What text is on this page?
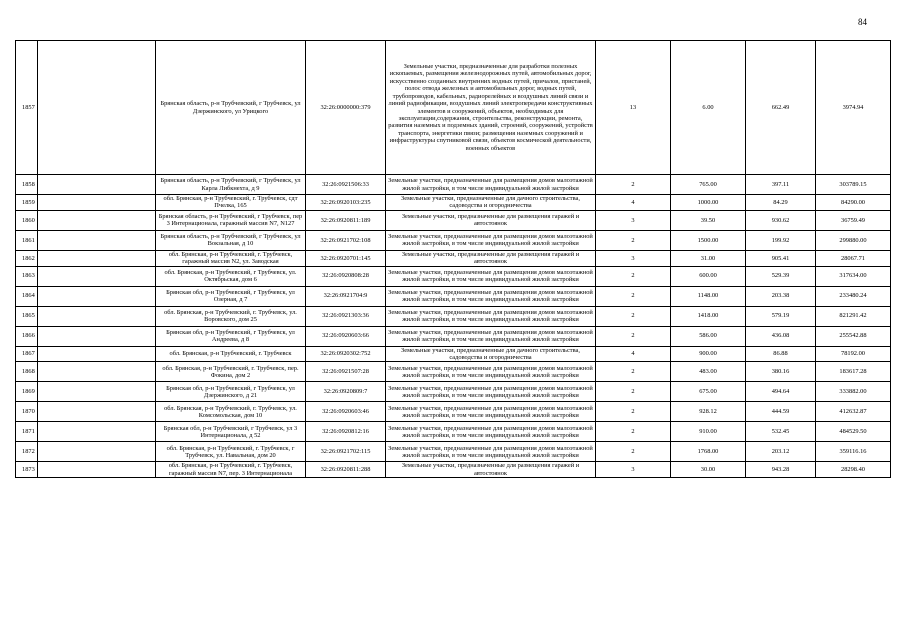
84
1857		Брянская область, р-н Трубчевский, г Трубчевск, ул Дзержинского, ул Урицкого	32:26:0000000:379	Земельные участки, предназначенные для разработки полезных ископаемых, размещения железнодорожных путей, автомобильных дорог, искусственно созданных внутренних водных путей, причалов, пристаней, полос отвода железных и автомобильных дорог, водных путей, трубопроводов, кабельных, радиорелейных и воздушных линий связи и линий радиофикации, воздушных линий электропередачи конструктивных элементов и сооружений, объектов, необходимых для эксплуатации,содержания, строительства, реконструкции, ремонта, развития наземных и подземных зданий, строений, сооружений, устройств транспорта, энергетики пвязи; размещения наземных сооружений и инфраструктуры спутниковой связи, объектов космической деятельности, военных объектов	13	6.00	662.49	3974.94
1858		Брянская область, р-н Трубчевский, г Трубчевск, ул Карла Либкнехта, д 9	32:26:0921506:33	Земельные участки, предназначенные для размещения домов малоэтажной жилой застройки, в том числе индивидуальной жилой застройки	2	765.00	397.11	303789.15
1859		обл. Брянская, р-н Трубчевский, г. Трубчевск, сдт Пчелка, 165	32:26:0920103:235	Земельные участки, предназначенные для дачного строительства, садоводства и огородничества	4	1000.00	84.29	84290.00
1860		Брянская область, р-н Трубчевский, г Трубчевск, пер 3 Интернационала, гаражный массив N7, N127	32:26:0920811:189	Земельные участки, предназначенные для размещения гаражей и автостоянок	3	39.50	930.62	36759.49
1861		Брянская область, р-н Трубчевский, г Трубчевск, ул Вокзальная, д 10	32:26:0921702:108	Земельные участки, предназначенные для размещения домов малоэтажной жилой застройки, в том числе индивидуальной жилой застройки	2	1500.00	199.92	299880.00
1862		обл. Брянская, р-н Трубчевский, г. Трубчевск, гаражный массив N2, ул. Заводская	32:26:0920701:145	Земельные участки, предназначенные для размещения гаражей и автостоянок	3	31.00	905.41	28067.71
1863		обл. Брянская, р-н Трубчевский, г Трубчевск, ул. Октябрьская, дом 6	32:26:0920808:28	Земельные участки, предназначенные для размещения домов малоэтажной жилой застройки, в том числе индивидуальной жилой застройки	2	600.00	529.39	317634.00
1864		Брянская обл, р-н Трубчевский, г Трубчевск, ул Озерная, д 7	32:26:0921704:9	Земельные участки, предназначенные для размещения домов малоэтажной жилой застройки, в том числе индивидуальной жилой застройки	2	1148.00	203.38	233480.24
1865		обл. Брянская, р-н Трубчевский, г. Трубчевск, ул. Воровского, дом 25	32:26:0921303:36	Земельные участки, предназначенные для размещения домов малоэтажной жилой застройки, в том числе индивидуальной жилой застройки	2	1418.00	579.19	821291.42
1866		Брянская обл, р-н Трубчевский, г Трубчевск, ул Андреева, д 8	32:26:0920603:66	Земельные участки, предназначенные для размещения домов малоэтажной жилой застройки, в том числе индивидуальной жилой застройки	2	586.00	436.08	255542.88
1867		обл. Брянская, р-н Трубчевский, г. Трубчевск	32:26:0920302:752	Земельные участки, предназначенные для дачного строительства, садоводства и огородничества	4	900.00	86.88	78192.00
1868		обл. Брянская, р-н Трубчевский, г. Трубчевск, пер. Фокина, дом 2	32:26:0921507:28	Земельные участки, предназначенные для размещения домов малоэтажной жилой застройки, в том числе индивидуальной жилой застройки	2	483.00	380.16	183617.28
1869		Брянская обл, р-н Трубчевский, г Трубчевск, ул Дзержинского, д 21	32:26:0920809:7	Земельные участки, предназначенные для размещения домов малоэтажной жилой застройки, в том числе индивидуальной жилой застройки	2	675.00	494.64	333882.00
1870		обл. Брянская, р-н Трубчевский, г. Трубчевск, ул. Комсомольская, дом 10	32:26:0920603:46	Земельные участки, предназначенные для размещения домов малоэтажной жилой застройки, в том числе индивидуальной жилой застройки	2	928.12	444.59	412632.87
1871		Брянская обл, р-н Трубчевский, г Трубчевск, ул 3 Интернационала, д 52	32:26:0920812:16	Земельные участки, предназначенные для размещения домов малоэтажной жилой застройки, в том числе индивидуальной жилой застройки	2	910.00	532.45	484529.50
1872		обл. Брянская, р-н Трубчевский, г. Трубчевск, г Трубчевск, ул. Навальная, дом 20	32:26:0921702:115	Земельные участки, предназначенные для размещения домов малоэтажной жилой застройки, в том числе индивидуальной жилой застройки	2	1768.00	203.12	359116.16
1873		обл. Брянская, р-н Трубчевский, г. Трубчевск, гаражный массив N7, пер. 3 Интернационала	32:26:0920811:288	Земельные участки, предназначенные для размещения гаражей и автостоянок	3	30.00	943.28	28298.40
